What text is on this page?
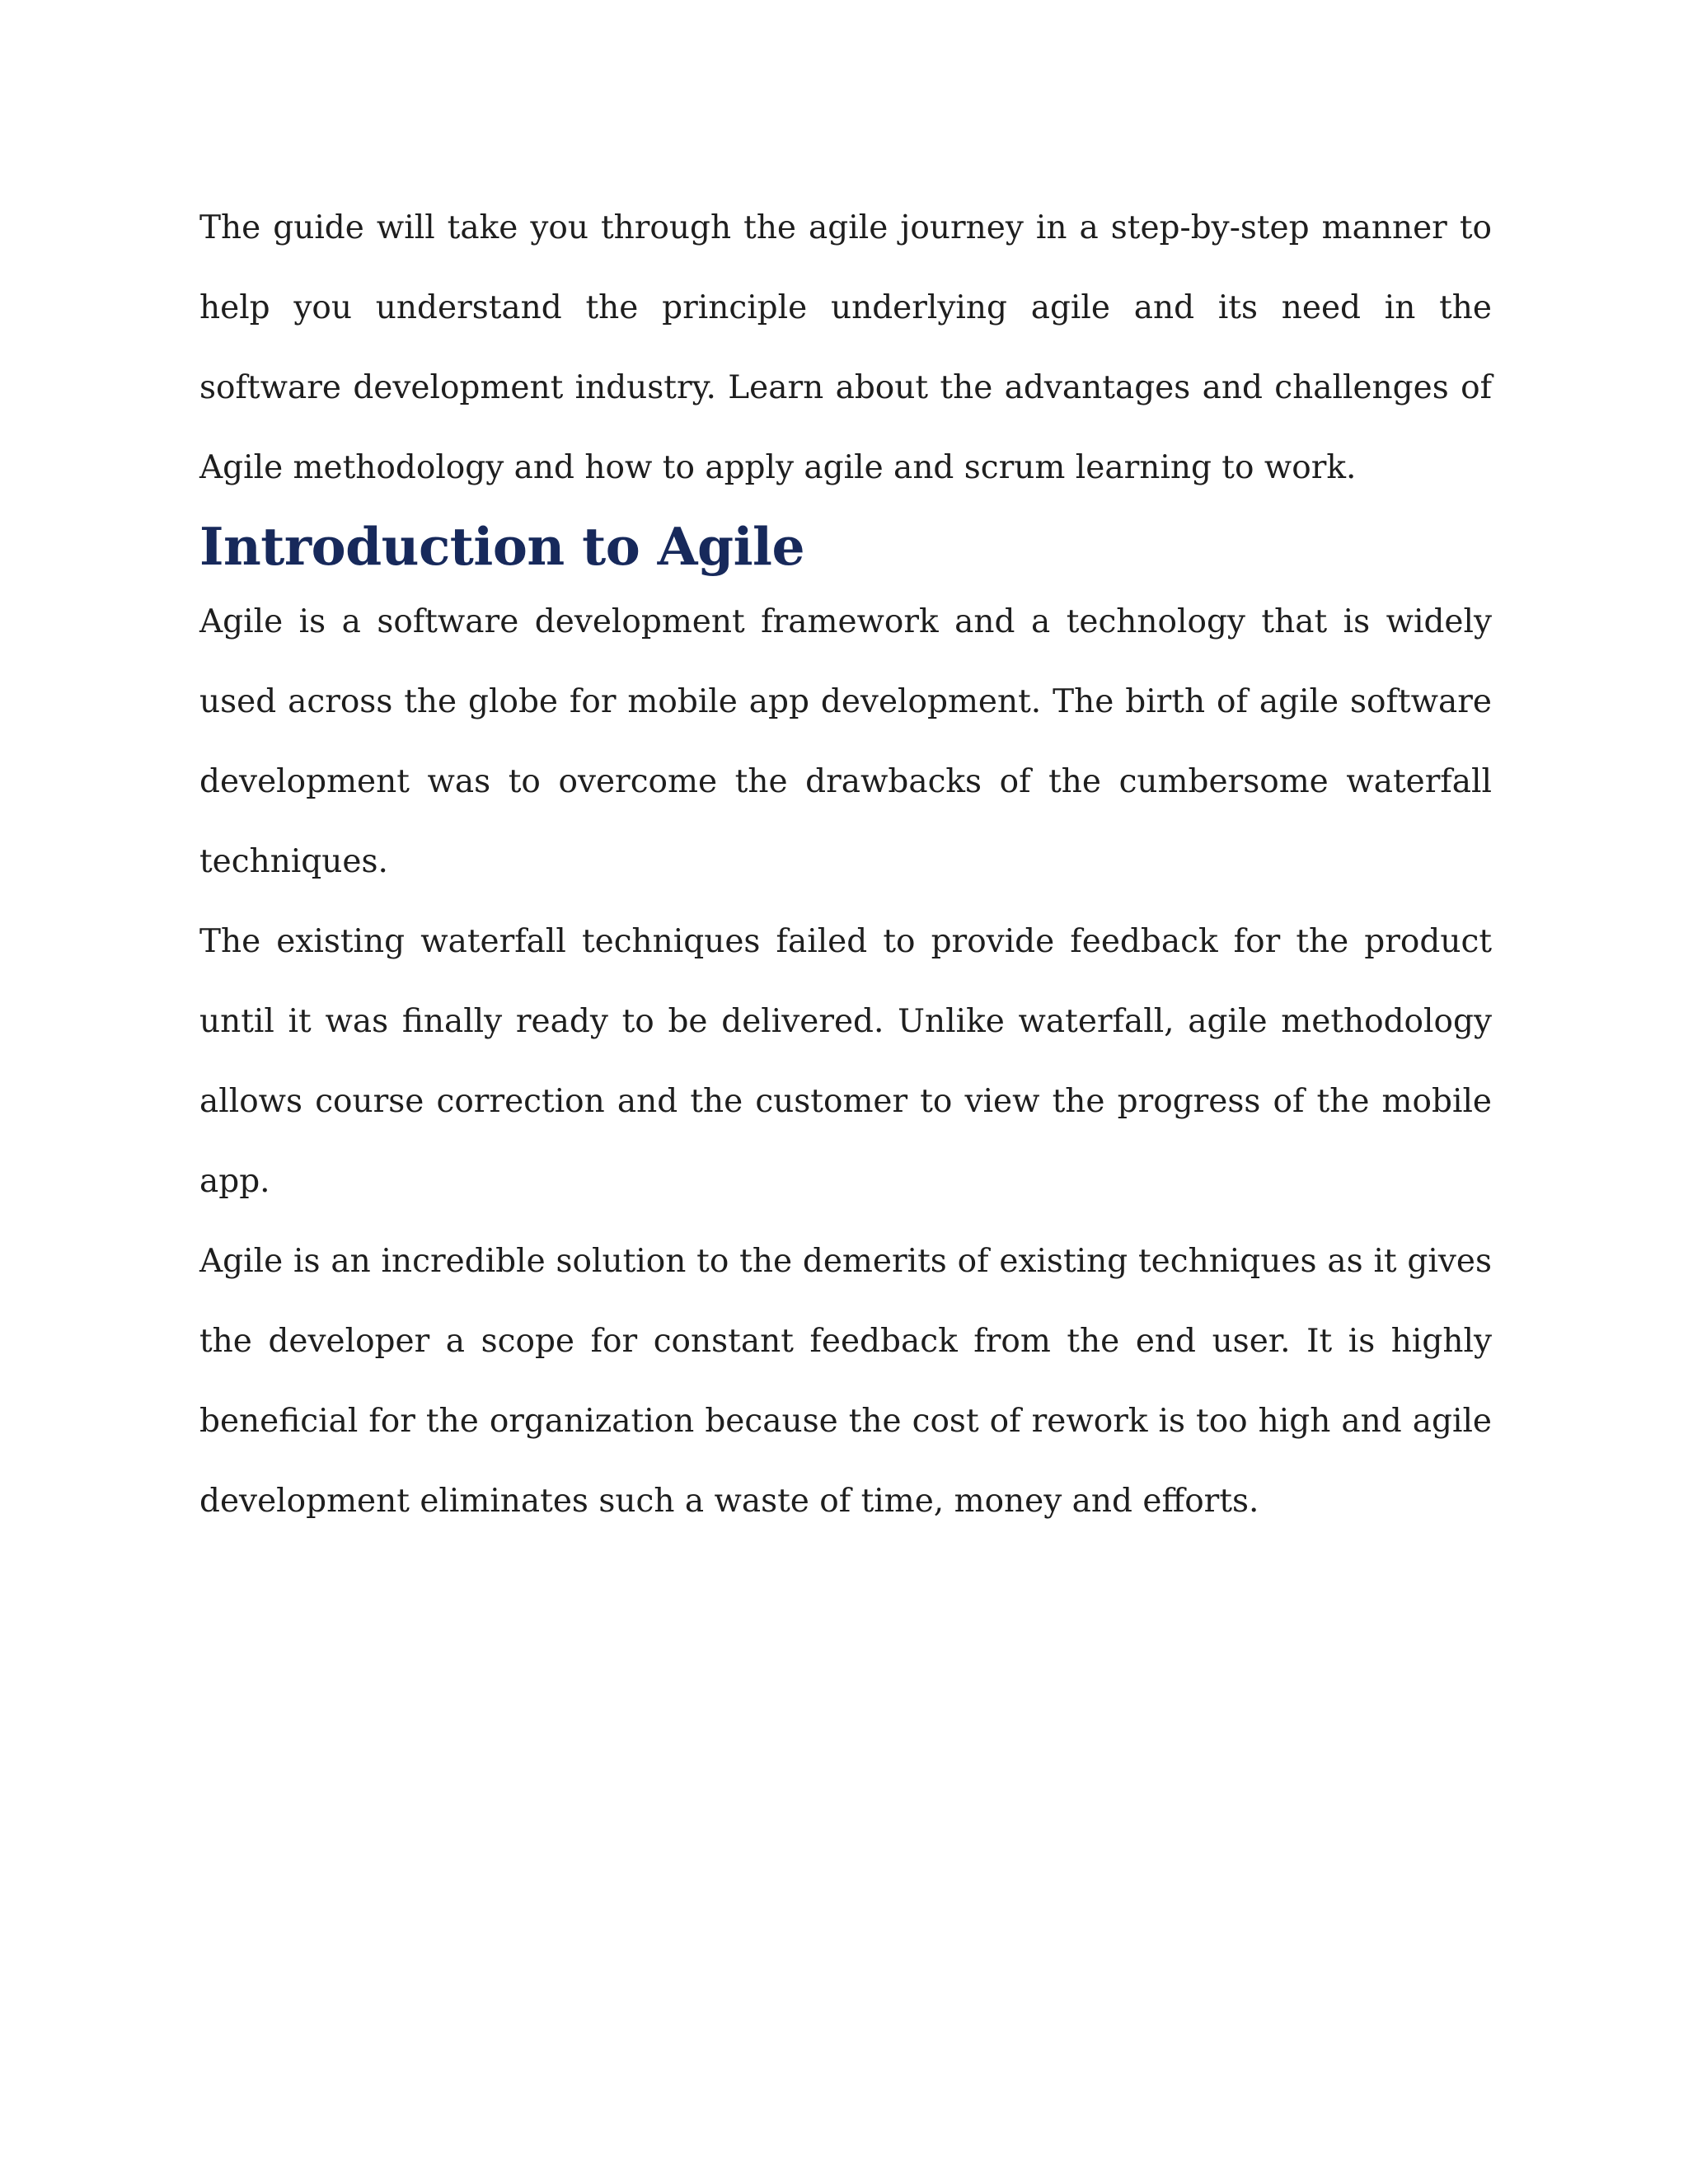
The guide will take you through the agile journey in a step-by-step manner to help you understand the principle underlying agile and its need in the software development industry. Learn about the advantages and challenges of Agile methodology and how to apply agile and scrum learning to work.

Introduction to Agile

Agile is a software development framework and a technology that is widely used across the globe for mobile app development. The birth of agile software development was to overcome the drawbacks of the cumbersome waterfall techniques.

The existing waterfall techniques failed to provide feedback for the product until it was finally ready to be delivered. Unlike waterfall, agile methodology allows course correction and the customer to view the progress of the mobile app.

Agile is an incredible solution to the demerits of existing techniques as it gives the developer a scope for constant feedback from the end user. It is highly beneficial for the organization because the cost of rework is too high and agile development eliminates such a waste of time, money and efforts.
